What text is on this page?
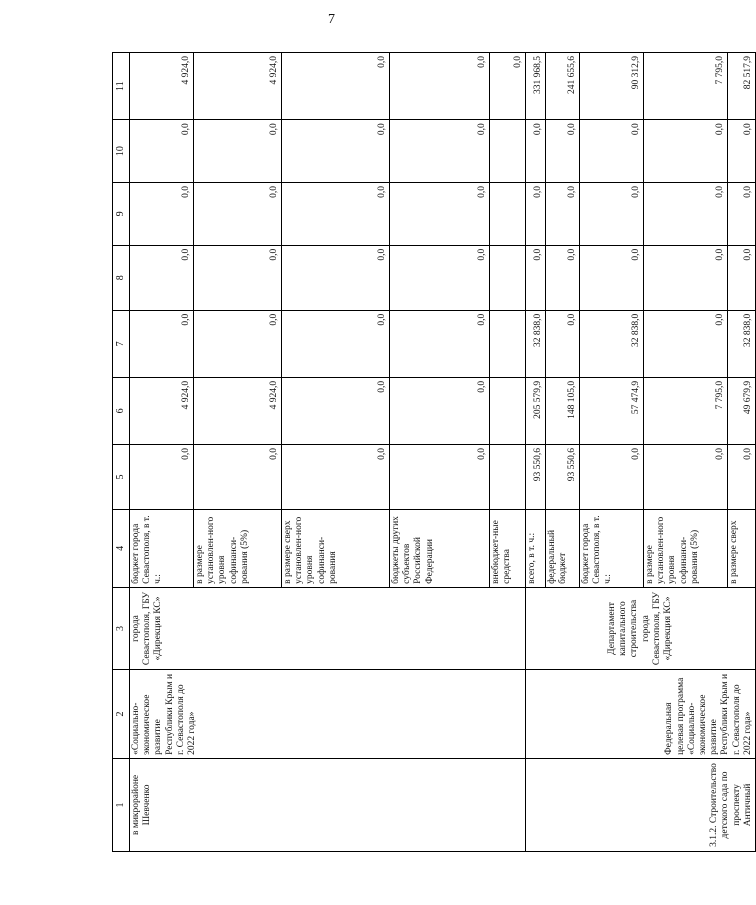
7
1	2	3	4	5	6	7	8	9	10	11
в микрорайоне Шевченко	«Социально-экономическое развитие Республики Крым и г. Севастополя до 2022 года»	города Севастополя, ГБУ «Дирекция КС»	бюджет города Севастополя, в т. ч.:	0,0	4 924,0	0,0	0,0	0,0	0,0	4 924,0
			в размере установлен-ного уровня софинанси-рования (5%)	0,0	4 924,0	0,0	0,0	0,0	0,0	4 924,0
			в размере сверх установлен-ного уровня софинанси-рования	0,0	0,0	0,0	0,0	0,0	0,0	0,0
			бюджеты других субъектов Российской Федерации	0,0	0,0	0,0	0,0	0,0	0,0	0,0
			внебюджет-ные средства							0,0
3.1.2. Строительство детского сада по проспекту Античный	Федеральная целевая программа «Социально-экономическое развитие Республики Крым и г. Севастополя до 2022 года»	Департамент капитального строительства города Севастополя, ГБУ «Дирекция КС»	всего, в т. ч.:	93 550,6	205 579,9	32 838,0	0,0	0,0	0,0	331 968,5
			федеральный бюджет	93 550,6	148 105,0	0,0	0,0	0,0	0,0	241 655,6
			бюджет города Севастополя, в т. ч.:	0,0	57 474,9	32 838,0	0,0	0,0	0,0	90 312,9
			в размере установлен-ного уровня софинанси-рования (5%)	0,0	7 795,0	0,0	0,0	0,0	0,0	7 795,0
			в размере сверх	0,0	49 679,9	32 838,0	0,0	0,0	0,0	82 517,9
